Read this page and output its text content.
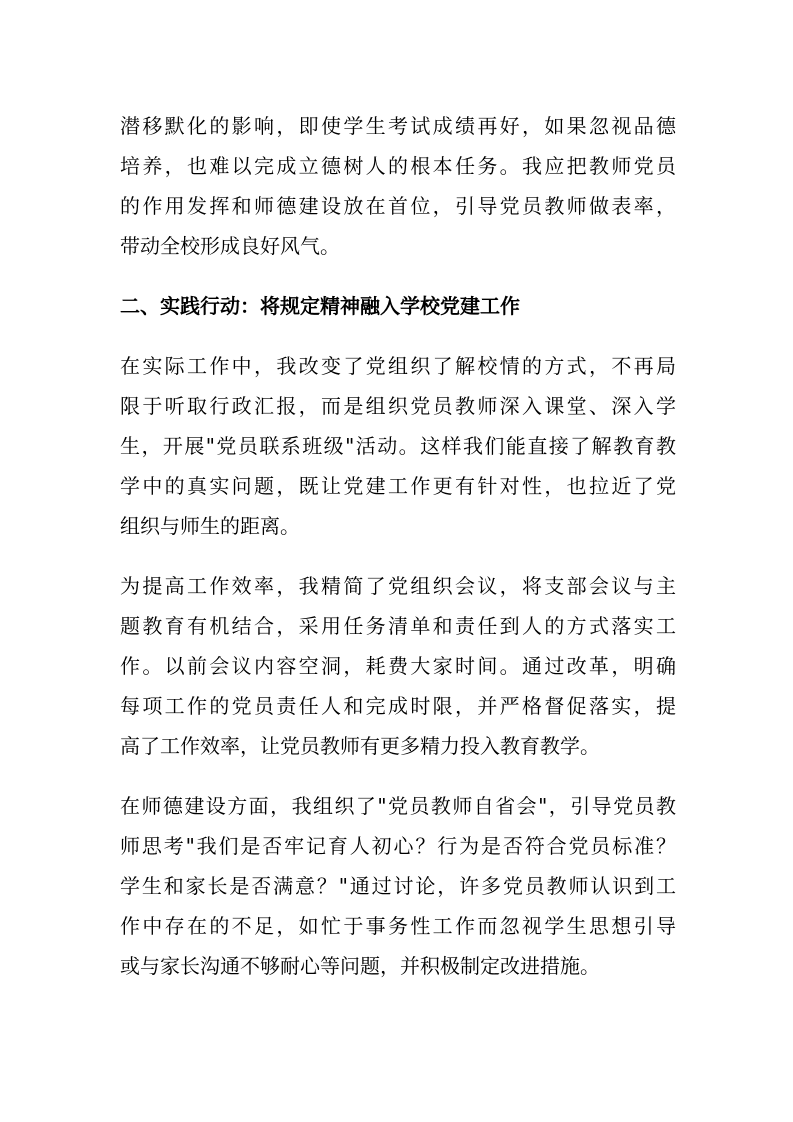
潜移默化的影响，即使学生考试成绩再好，如果忽视品德
培养，也难以完成立德树人的根本任务。我应把教师党员
的作用发挥和师德建设放在首位，引导党员教师做表率，
带动全校形成良好风气。

二、实践行动：将规定精神融入学校党建工作

在实际工作中，我改变了党组织了解校情的方式，不再局
限于听取行政汇报，而是组织党员教师深入课堂、深入学
生，开展"党员联系班级"活动。这样我们能直接了解教育教
学中的真实问题，既让党建工作更有针对性，也拉近了党
组织与师生的距离。

为提高工作效率，我精简了党组织会议，将支部会议与主
题教育有机结合，采用任务清单和责任到人的方式落实工
作。以前会议内容空洞，耗费大家时间。通过改革，明确
每项工作的党员责任人和完成时限，并严格督促落实，提
高了工作效率，让党员教师有更多精力投入教育教学。

在师德建设方面，我组织了"党员教师自省会"，引导党员教
师思考"我们是否牢记育人初心？行为是否符合党员标准？
学生和家长是否满意？"通过讨论，许多党员教师认识到工
作中存在的不足，如忙于事务性工作而忽视学生思想引导
或与家长沟通不够耐心等问题，并积极制定改进措施。
